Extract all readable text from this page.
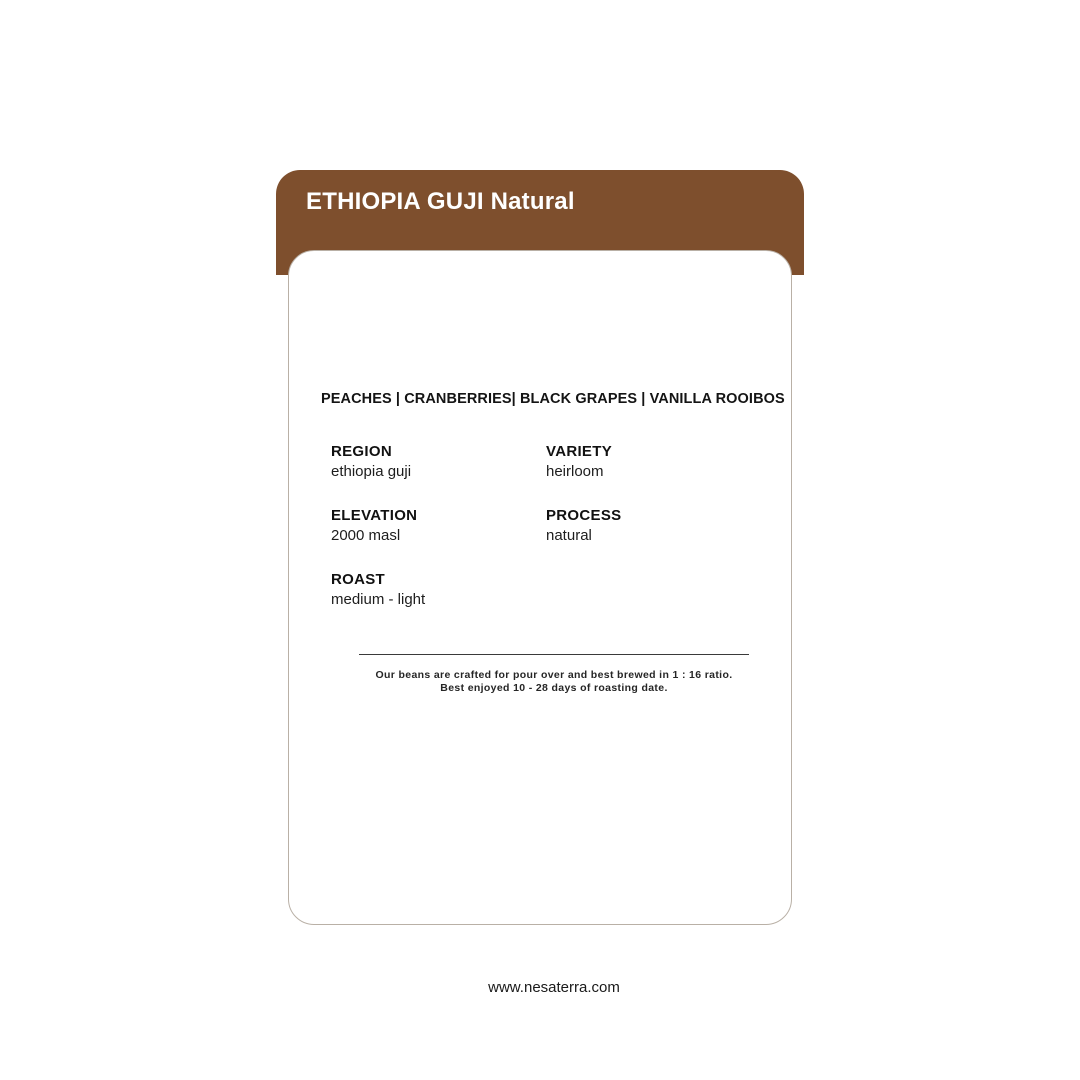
ETHIOPIA GUJI Natural
PEACHES | CRANBERRIES| BLACK GRAPES | VANILLA ROOIBOS
REGION
ethiopia guji
VARIETY
heirloom
ELEVATION
2000 masl
PROCESS
natural
ROAST
medium - light
Our beans are crafted for pour over and best brewed in 1 : 16 ratio.
Best enjoyed 10 - 28 days of roasting date.
www.nesaterra.com
